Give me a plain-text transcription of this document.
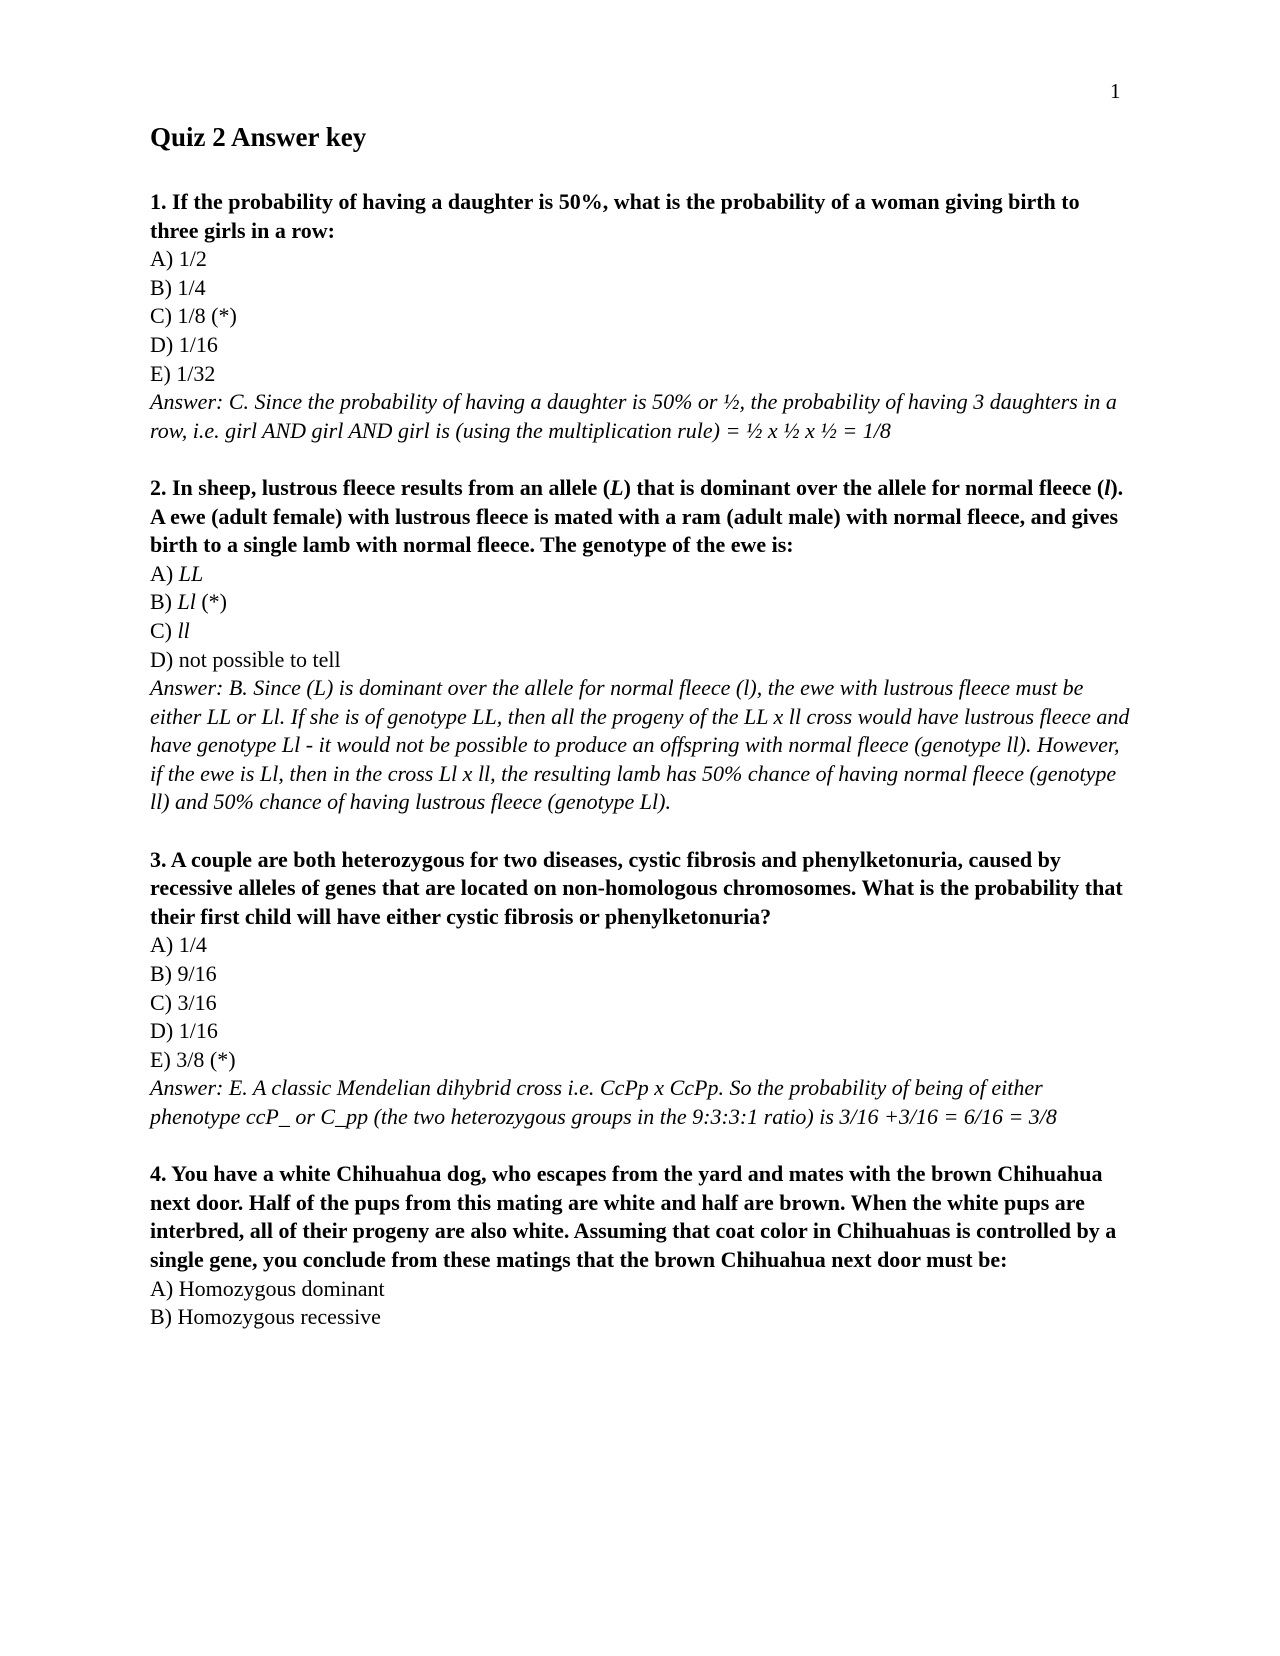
1
Quiz 2 Answer key
1. If the probability of having a daughter is 50%, what is the probability of a woman giving birth to three girls in a row:
A) 1/2
B) 1/4
C) 1/8 (*)
D) 1/16
E) 1/32
Answer: C. Since the probability of having a daughter is 50% or ½, the probability of having 3 daughters in a row, i.e. girl AND girl AND girl is (using the multiplication rule) = ½ x ½ x ½ = 1/8
2. In sheep, lustrous fleece results from an allele (L) that is dominant over the allele for normal fleece (l). A ewe (adult female) with lustrous fleece is mated with a ram (adult male) with normal fleece, and gives birth to a single lamb with normal fleece. The genotype of the ewe is:
A) LL
B) Ll (*)
C) ll
D) not possible to tell
Answer: B. Since (L) is dominant over the allele for normal fleece (l), the ewe with lustrous fleece must be either LL or Ll. If she is of genotype LL, then all the progeny of the LL x ll cross would have lustrous fleece and have genotype Ll - it would not be possible to produce an offspring with normal fleece (genotype ll). However, if the ewe is Ll, then in the cross Ll x ll, the resulting lamb has 50% chance of having normal fleece (genotype ll) and 50% chance of having lustrous fleece (genotype Ll).
3. A couple are both heterozygous for two diseases, cystic fibrosis and phenylketonuria, caused by recessive alleles of genes that are located on non-homologous chromosomes. What is the probability that their first child will have either cystic fibrosis or phenylketonuria?
A) 1/4
B) 9/16
C) 3/16
D) 1/16
E) 3/8 (*)
Answer: E. A classic Mendelian dihybrid cross i.e. CcPp x CcPp. So the probability of being of either phenotype ccP_ or C_pp (the two heterozygous groups in the 9:3:3:1 ratio) is 3/16 +3/16 = 6/16 = 3/8
4. You have a white Chihuahua dog, who escapes from the yard and mates with the brown Chihuahua next door. Half of the pups from this mating are white and half are brown. When the white pups are interbred, all of their progeny are also white. Assuming that coat color in Chihuahuas is controlled by a single gene, you conclude from these matings that the brown Chihuahua next door must be:
A) Homozygous dominant
B) Homozygous recessive
